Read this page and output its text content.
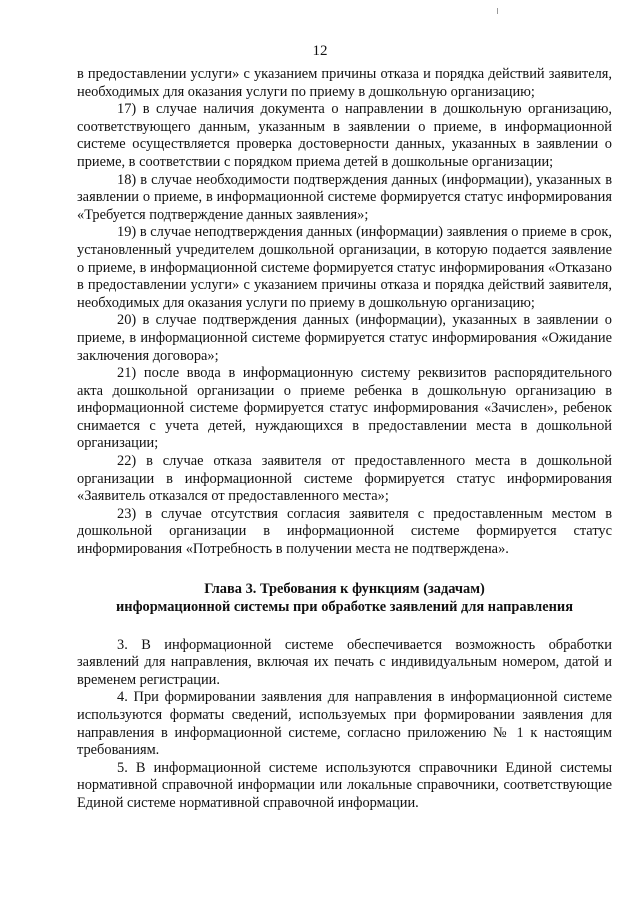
12

в предоставлении услуги» с указанием причины отказа и порядка действий заявителя, необходимых для оказания услуги по приему в дошкольную организацию;

17) в случае наличия документа о направлении в дошкольную организацию, соответствующего данным, указанным в заявлении о приеме, в информационной системе осуществляется проверка достоверности данных, указанных в заявлении о приеме, в соответствии с порядком приема детей в дошкольные организации;

18) в случае необходимости подтверждения данных (информации), указанных в заявлении о приеме, в информационной системе формируется статус информирования «Требуется подтверждение данных заявления»;

19) в случае неподтверждения данных (информации) заявления о приеме в срок, установленный учредителем дошкольной организации, в которую подается заявление о приеме, в информационной системе формируется статус информирования «Отказано в предоставлении услуги» с указанием причины отказа и порядка действий заявителя, необходимых для оказания услуги по приему в дошкольную организацию;

20) в случае подтверждения данных (информации), указанных в заявлении о приеме, в информационной системе формируется статус информирования «Ожидание заключения договора»;

21) после ввода в информационную систему реквизитов распорядительного акта дошкольной организации о приеме ребенка в дошкольную организацию в информационной системе формируется статус информирования «Зачислен», ребенок снимается с учета детей, нуждающихся в предоставлении места в дошкольной организации;

22) в случае отказа заявителя от предоставленного места в дошкольной организации в информационной системе формируется статус информирования «Заявитель отказался от предоставленного места»;

23) в случае отсутствия согласия заявителя с предоставленным местом в дошкольной организации в информационной системе формируется статус информирования «Потребность в получении места не подтверждена».

Глава 3. Требования к функциям (задачам)
информационной системы при обработке заявлений для направления

3. В информационной системе обеспечивается возможность обработки заявлений для направления, включая их печать с индивидуальным номером, датой и временем регистрации.

4. При формировании заявления для направления в информационной системе используются форматы сведений, используемых при формировании заявления для направления в информационной системе, согласно приложению № 1 к настоящим требованиям.

5. В информационной системе используются справочники Единой системы нормативной справочной информации или локальные справочники, соответствующие Единой системе нормативной справочной информации.
